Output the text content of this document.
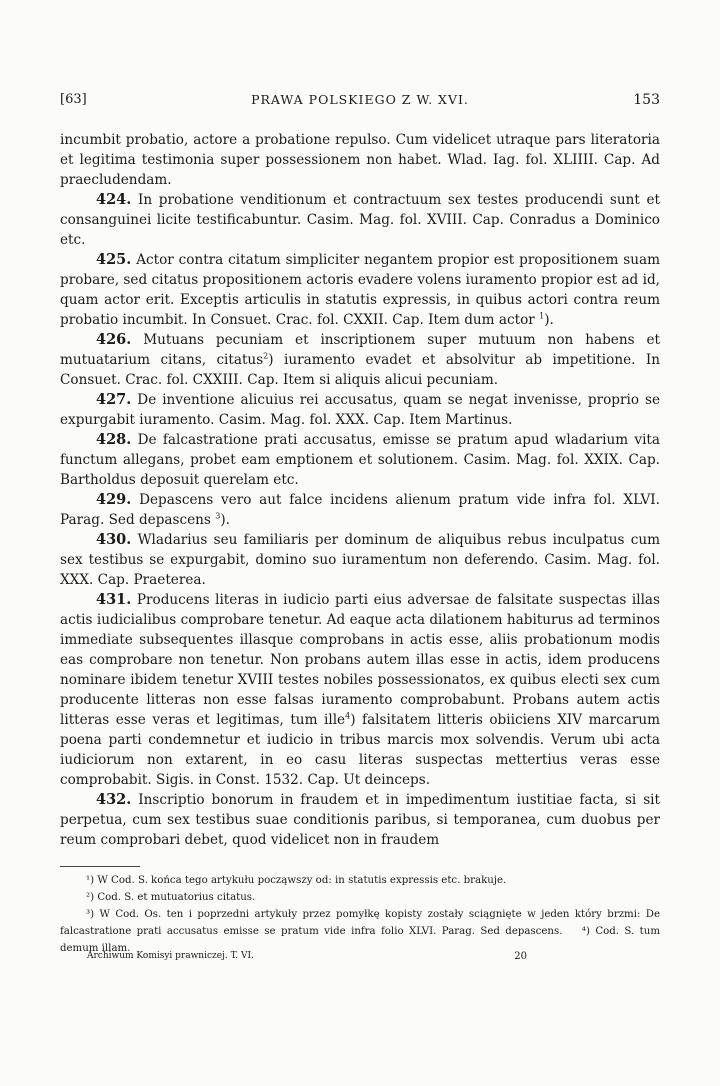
[63]	PRAWA POLSKIEGO Z W. XVI.	153

incumbit probatio, actore a probatione repulso. Cum videlicet utraque pars literatoria et legitima testimonia super possessionem non habet. Wlad. Iag. fol. XLIIII. Cap. Ad praecludendam.

424. In probatione venditionum et contractuum sex testes producendi sunt et consanguinei licite testificabuntur. Casim. Mag. fol. XVIII. Cap. Conradus a Dominico etc.

425. Actor contra citatum simpliciter negantem propior est propositionem suam probare, sed citatus propositionem actoris evadere volens iuramento propior est ad id, quam actor erit. Exceptis articulis in statutis expressis, in quibus actori contra reum probatio incumbit. In Consuet. Crac. fol. CXXII. Cap. Item dum actor $^1$).

426. Mutuans pecuniam et inscriptionem super mutuum non habens et mutuatarium citans, citatus$^2$) iuramento evadet et absolvitur ab impetitione. In Consuet. Crac. fol. CXXIII. Cap. Item si aliquis alicui pecuniam.

427. De inventione alicuius rei accusatus, quam se negat invenisse, proprio se expurgabit iuramento. Casim. Mag. fol. XXX. Cap. Item Martinus.

428. De falcastratione prati accusatus, emisse se pratum apud wladarium vita functum allegans, probet eam emptionem et solutionem. Casim. Mag. fol. XXIX. Cap. Bartholdus deposuit querelam etc.

429. Depascens vero aut falce incidens alienum pratum vide infra fol. XLVI. Parag. Sed depascens $^3$).

430. Wladarius seu familiaris per dominum de aliquibus rebus inculpatus cum sex testibus se expurgabit, domino suo iuramentum non deferendo. Casim. Mag. fol. XXX. Cap. Praeterea.

431. Producens literas in iudicio parti eius adversae de falsitate suspectas illas actis iudicialibus comprobare tenetur. Ad eaque acta dilationem habiturus ad terminos immediate subsequentes illasque comprobans in actis esse, aliis probationum modis eas comprobare non tenetur. Non probans autem illas esse in actis, idem producens nominare ibidem tenetur XVIII testes nobiles possessionatos, ex quibus electi sex cum producente litteras non esse falsas iuramento comprobabunt. Probans autem actis litteras esse veras et legitimas, tum ille$^4$) falsitatem litteris obiiciens XIV marcarum poena parti condemnetur et iudicio in tribus marcis mox solvendis. Verum ubi acta iudiciorum non extarent, in eo casu literas suspectas mettertius veras esse comprobabit. Sigis. in Const. 1532. Cap. Ut deinceps.

432. Inscriptio bonorum in fraudem et in impedimentum iustitiae facta, si sit perpetua, cum sex testibus suae conditionis paribus, si temporanea, cum duobus per reum comprobari debet, quod videlicet non in fraudem

¹) W Cod. S. końca tego artykułu począwszy od: in statutis expressis etc. brakuje.

²) Cod. S. et mutuatorius citatus.

³) W Cod. Os. ten i poprzedni artykuły przez pomyłkę kopisty zostały sciągnięte w jeden który brzmi: De falcastratione prati accusatus emisse se pratum vide infra folio XLVI. Parag. Sed depascens. ⁴) Cod. S. tum demum illam.

Archiwum Komisyi prawniczej. T. VI.	20
